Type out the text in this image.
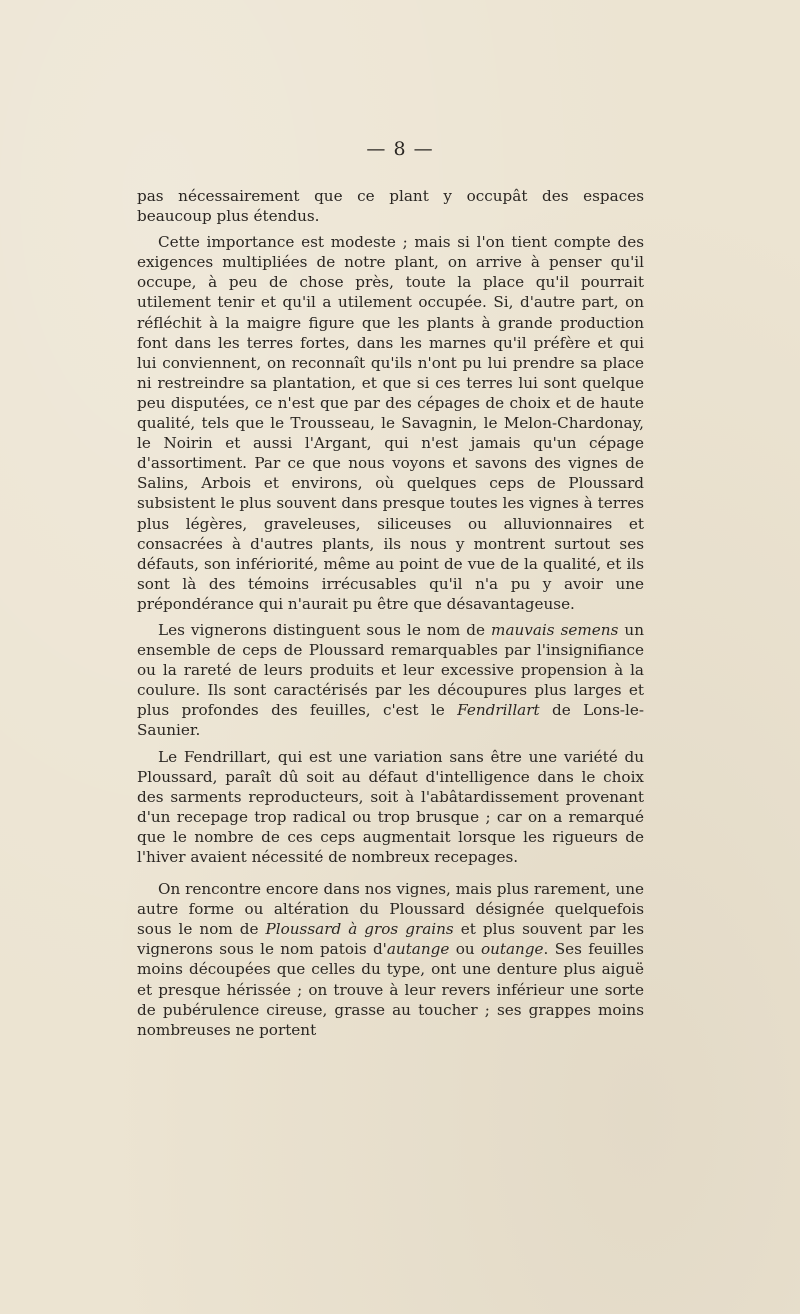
— 8 —

pas nécessairement que ce plant y occupât des espaces beaucoup plus étendus.

Cette importance est modeste ; mais si l'on tient compte des exigences multipliées de notre plant, on arrive à penser qu'il occupe, à peu de chose près, toute la place qu'il pourrait utilement tenir et qu'il a utilement occupée. Si, d'autre part, on réfléchit à la maigre figure que les plants à grande production font dans les terres fortes, dans les marnes qu'il préfère et qui lui conviennent, on reconnaît qu'ils n'ont pu lui prendre sa place ni restreindre sa plantation, et que si ces terres lui sont quelque peu disputées, ce n'est que par des cépages de choix et de haute qualité, tels que le Trousseau, le Savagnin, le Melon-Chardonay, le Noirin et aussi l'Argant, qui n'est jamais qu'un cépage d'assortiment. Par ce que nous voyons et savons des vignes de Salins, Arbois et environs, où quelques ceps de Ploussard subsistent le plus souvent dans presque toutes les vignes à terres plus légères, graveleuses, siliceuses ou alluvionnaires et consacrées à d'autres plants, ils nous y montrent surtout ses défauts, son infériorité, même au point de vue de la qualité, et ils sont là des témoins irrécusables qu'il n'a pu y avoir une prépondérance qui n'aurait pu être que désavantageuse.

Les vignerons distinguent sous le nom de mauvais semens un ensemble de ceps de Ploussard remarquables par l'insignifiance ou la rareté de leurs produits et leur excessive propension à la coulure. Ils sont caractérisés par les découpures plus larges et plus profondes des feuilles, c'est le Fendrillart de Lons-le-Saunier.

Le Fendrillart, qui est une variation sans être une variété du Ploussard, paraît dû soit au défaut d'intelligence dans le choix des sarments reproducteurs, soit à l'abâtardissement provenant d'un recepage trop radical ou trop brusque ; car on a remarqué que le nombre de ces ceps augmentait lorsque les rigueurs de l'hiver avaient nécessité de nombreux recepages.

On rencontre encore dans nos vignes, mais plus rarement, une autre forme ou altération du Ploussard désignée quelquefois sous le nom de Ploussard à gros grains et plus souvent par les vignerons sous le nom patois d'autange ou outange. Ses feuilles moins découpées que celles du type, ont une denture plus aiguë et presque hérissée ; on trouve à leur revers inférieur une sorte de pubérulence cireuse, grasse au toucher ; ses grappes moins nombreuses ne portent
